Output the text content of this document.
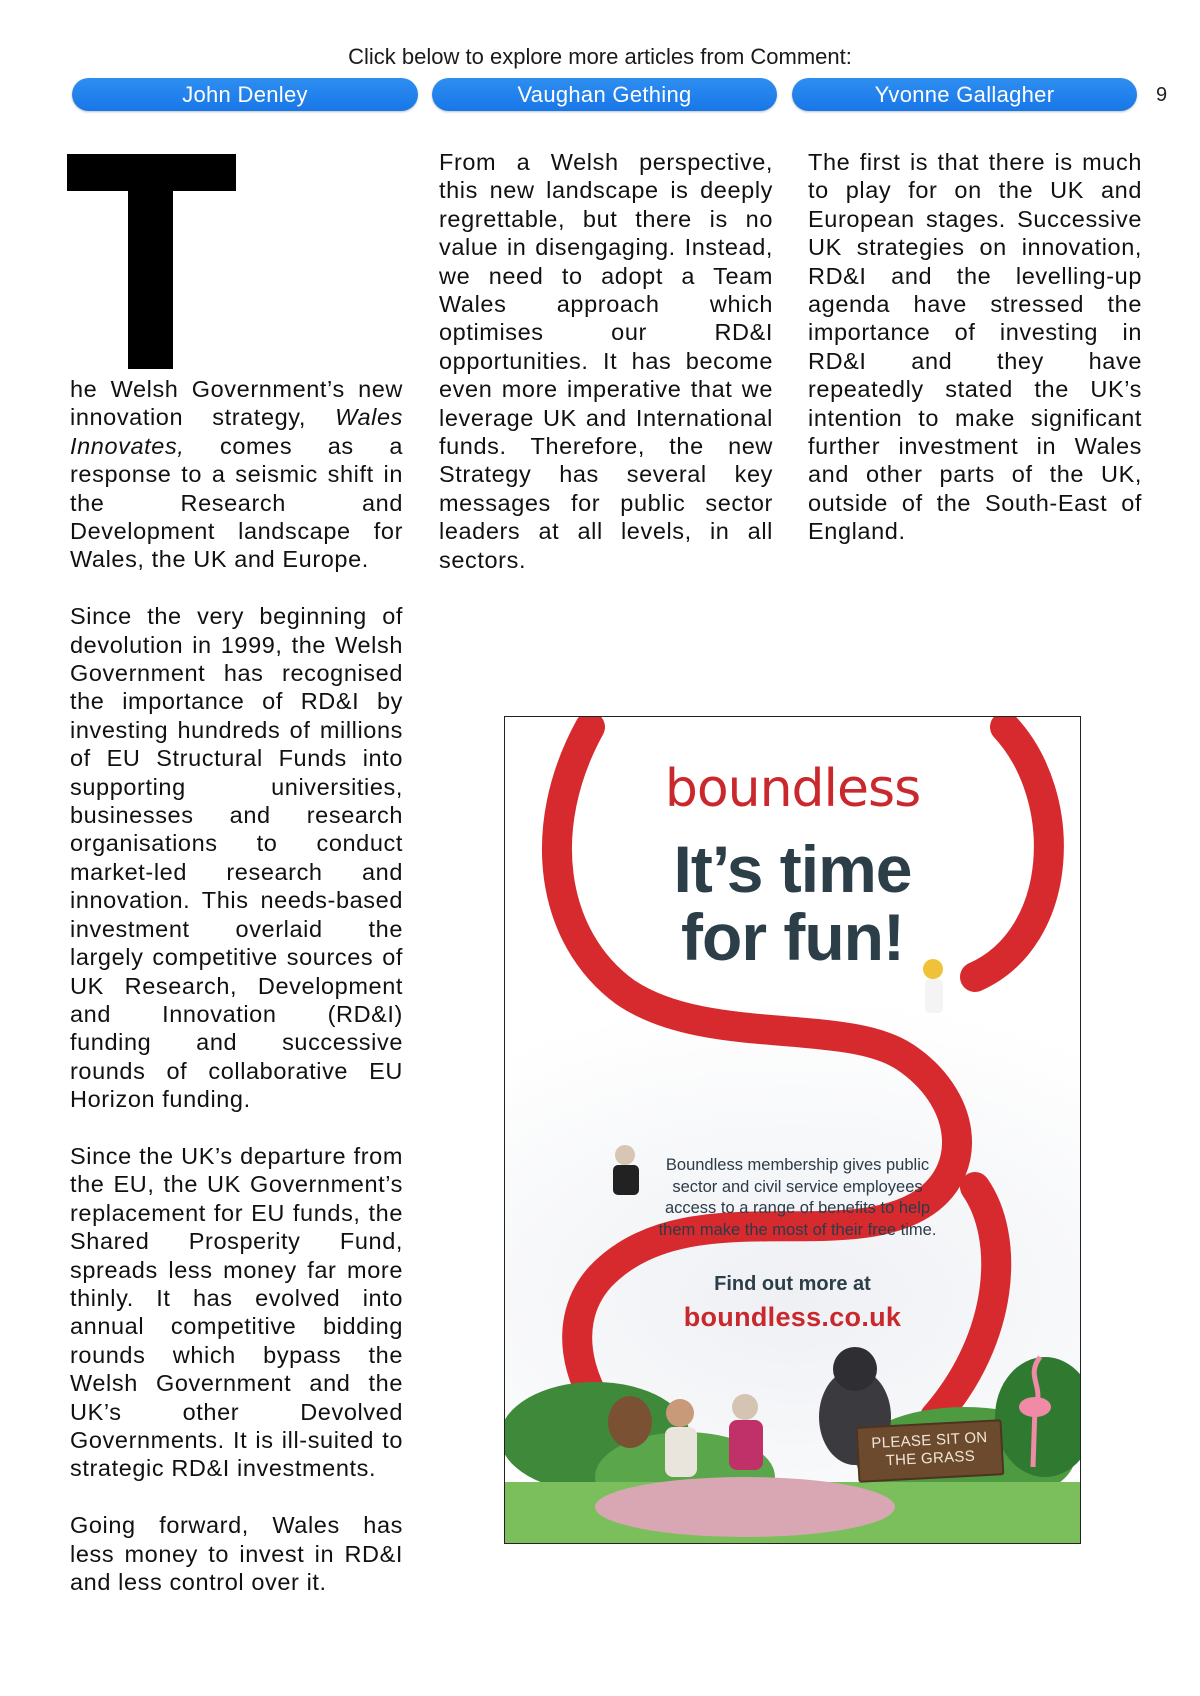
Click below to explore more articles from Comment:
John Denley	Vaughan Gething	Yvonne Gallagher	9

he Welsh Government’s new innovation strategy, Wales Innovates, comes as a response to a seismic shift in the Research and Development landscape for Wales, the UK and Europe.

Since the very beginning of devolution in 1999, the Welsh Government has recognised the importance of RD&I by investing hundreds of millions of EU Structural Funds into supporting universities, businesses and research organisations to conduct market-led research and innovation. This needs-based investment overlaid the largely competitive sources of UK Research, Development and Innovation (RD&I) funding and successive rounds of collaborative EU Horizon funding.

Since the UK’s departure from the EU, the UK Government’s replacement for EU funds, the Shared Prosperity Fund, spreads less money far more thinly. It has evolved into annual competitive bidding rounds which bypass the Welsh Government and the UK’s other Devolved Governments. It is ill-suited to strategic RD&I investments.

Going forward, Wales has less money to invest in RD&I and less control over it.

From a Welsh perspective, this new landscape is deeply regrettable, but there is no value in disengaging. Instead, we need to adopt a Team Wales approach which optimises our RD&I opportunities. It has become even more imperative that we leverage UK and International funds. Therefore, the new Strategy has several key messages for public sector leaders at all levels, in all sectors.

The first is that there is much to play for on the UK and European stages. Successive UK strategies on innovation, RD&I and the levelling-up agenda have stressed the importance of investing in RD&I and they have repeatedly stated the UK’s intention to make significant further investment in Wales and other parts of the UK, outside of the South-East of England.

boundless
It’s time
for fun!
Boundless membership gives public sector and civil service employees access to a range of benefits to help them make the most of their free time.
Find out more at
boundless.co.uk
PLEASE SIT ON
THE GRASS
